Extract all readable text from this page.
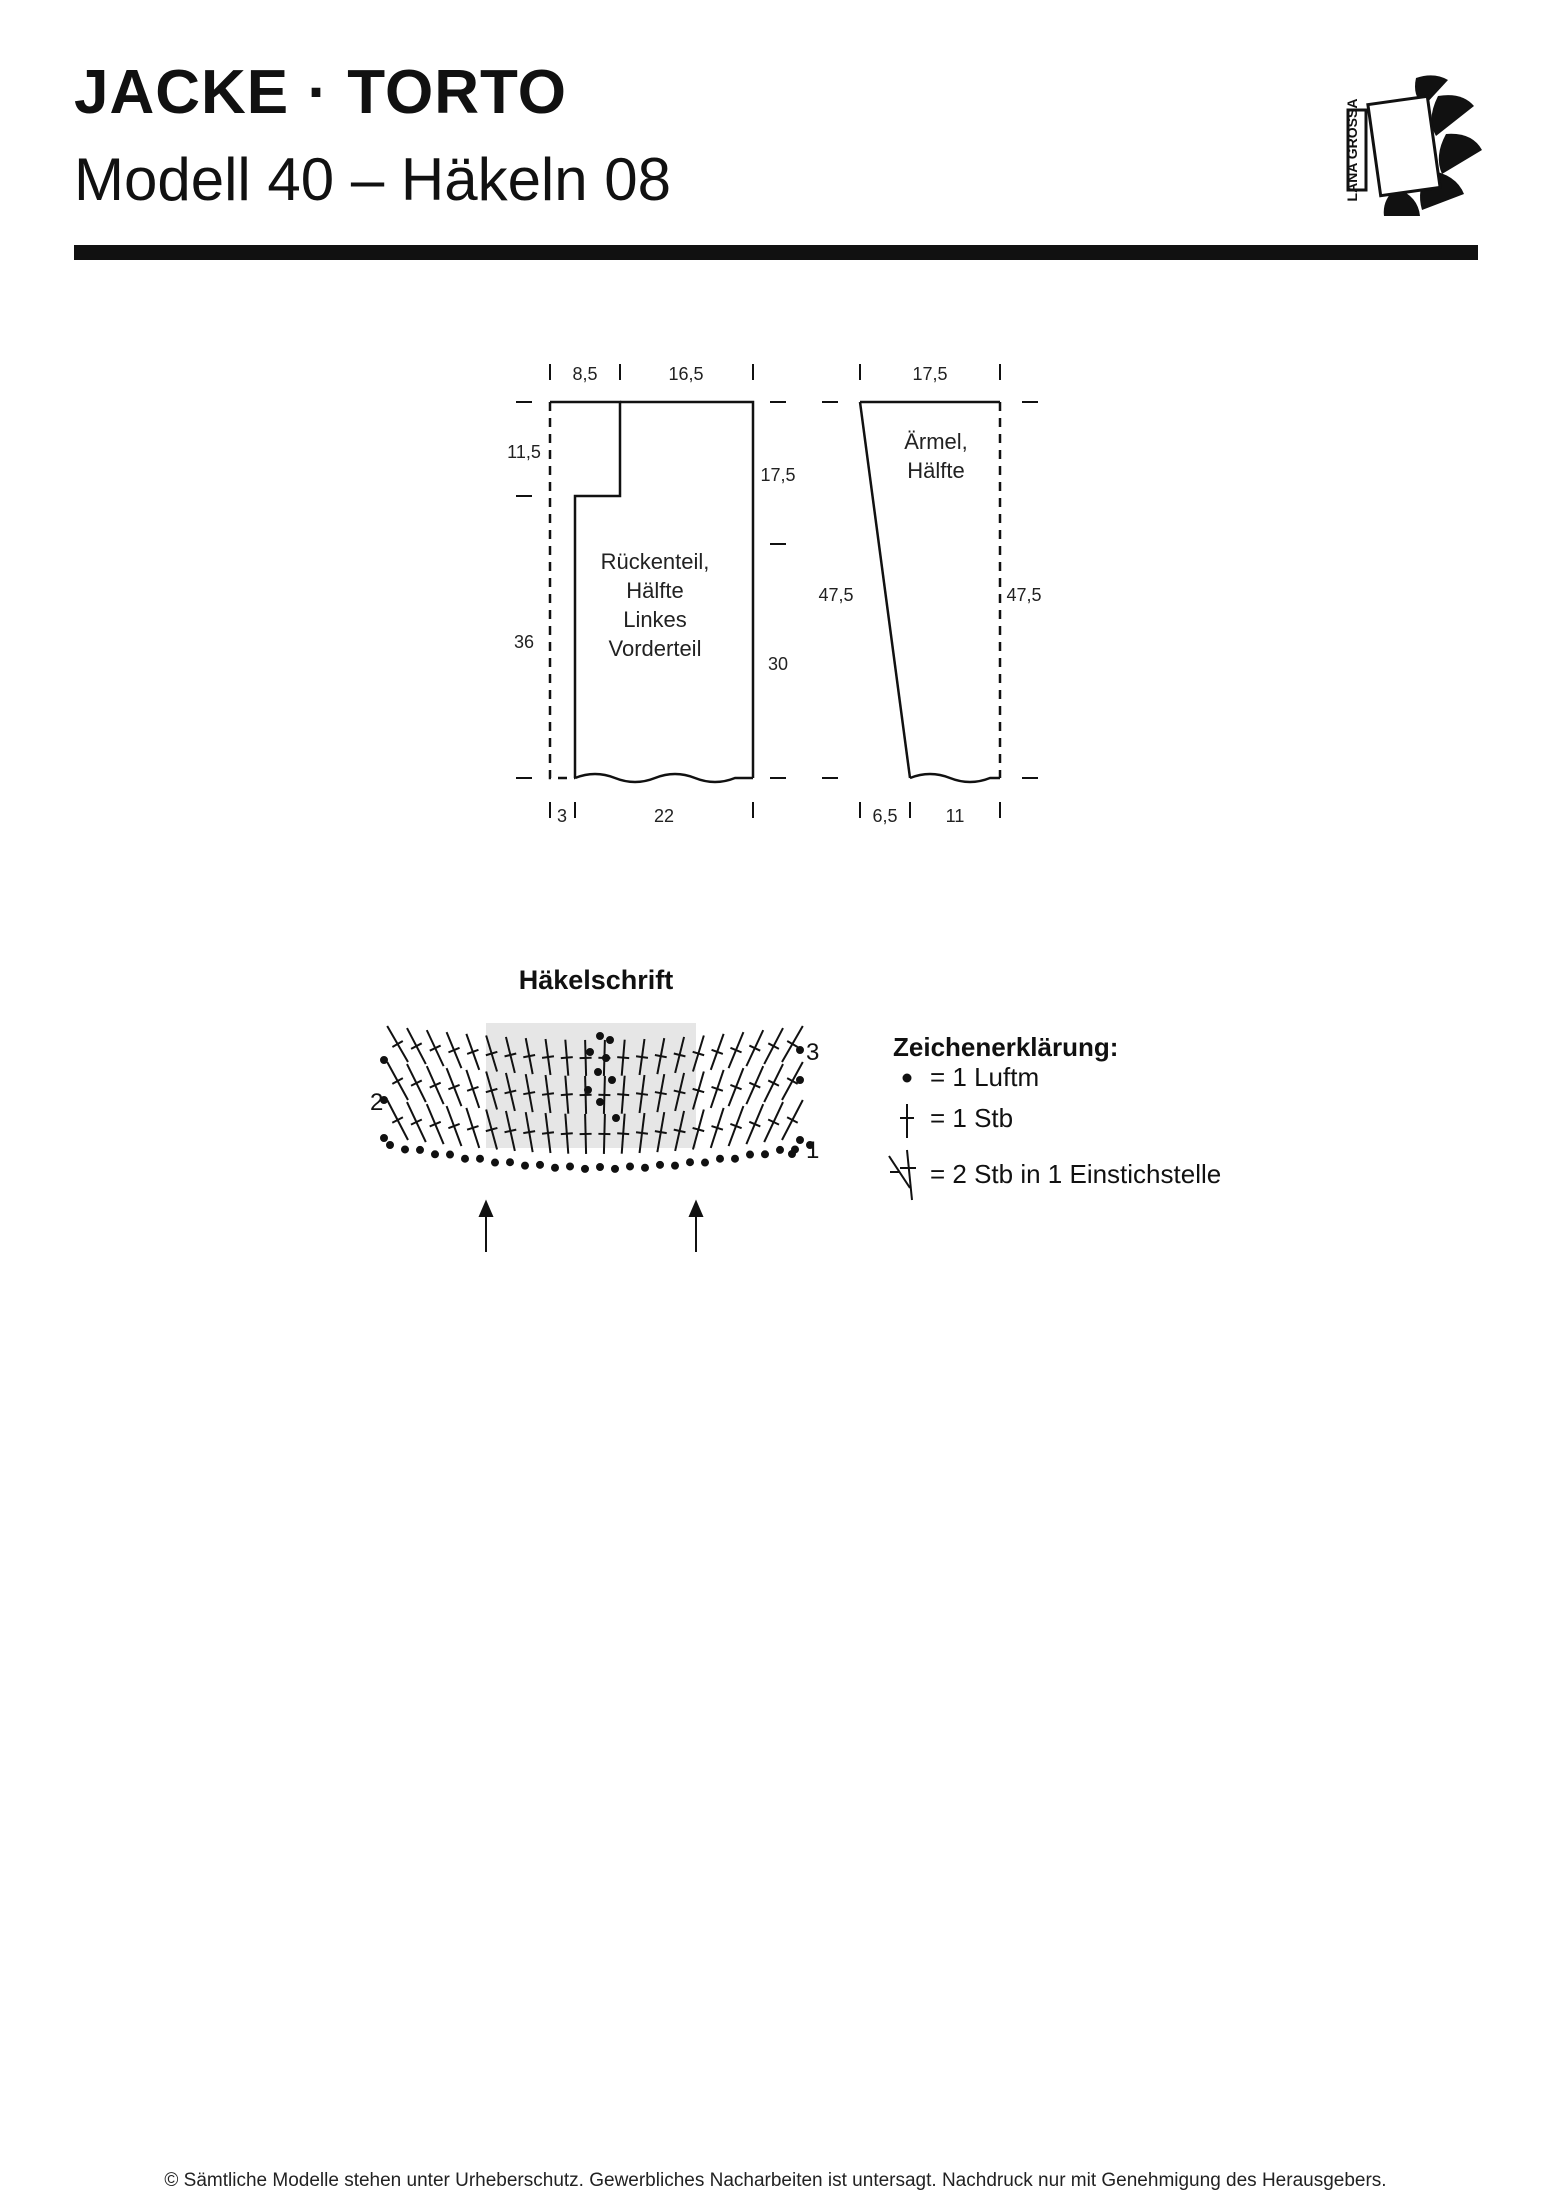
JACKE · TORTO
Modell 40 – Häkeln 08	LANA GROSSA
8,5	16,5
11,5
36
17,5
30
3	22
Rückenteil,
Hälfte
Linkes
Vorderteil
17,5
47,5	47,5
6,5	11
Ärmel,
Hälfte
Häkelschrift
2
3
1
Zeichenerklärung:
= 1 Luftm
= 1 Stb
= 2 Stb in 1 Einstichstelle
© Sämtliche Modelle stehen unter Urheberschutz. Gewerbliches Nacharbeiten ist untersagt. Nachdruck nur mit Genehmigung des Herausgebers.
